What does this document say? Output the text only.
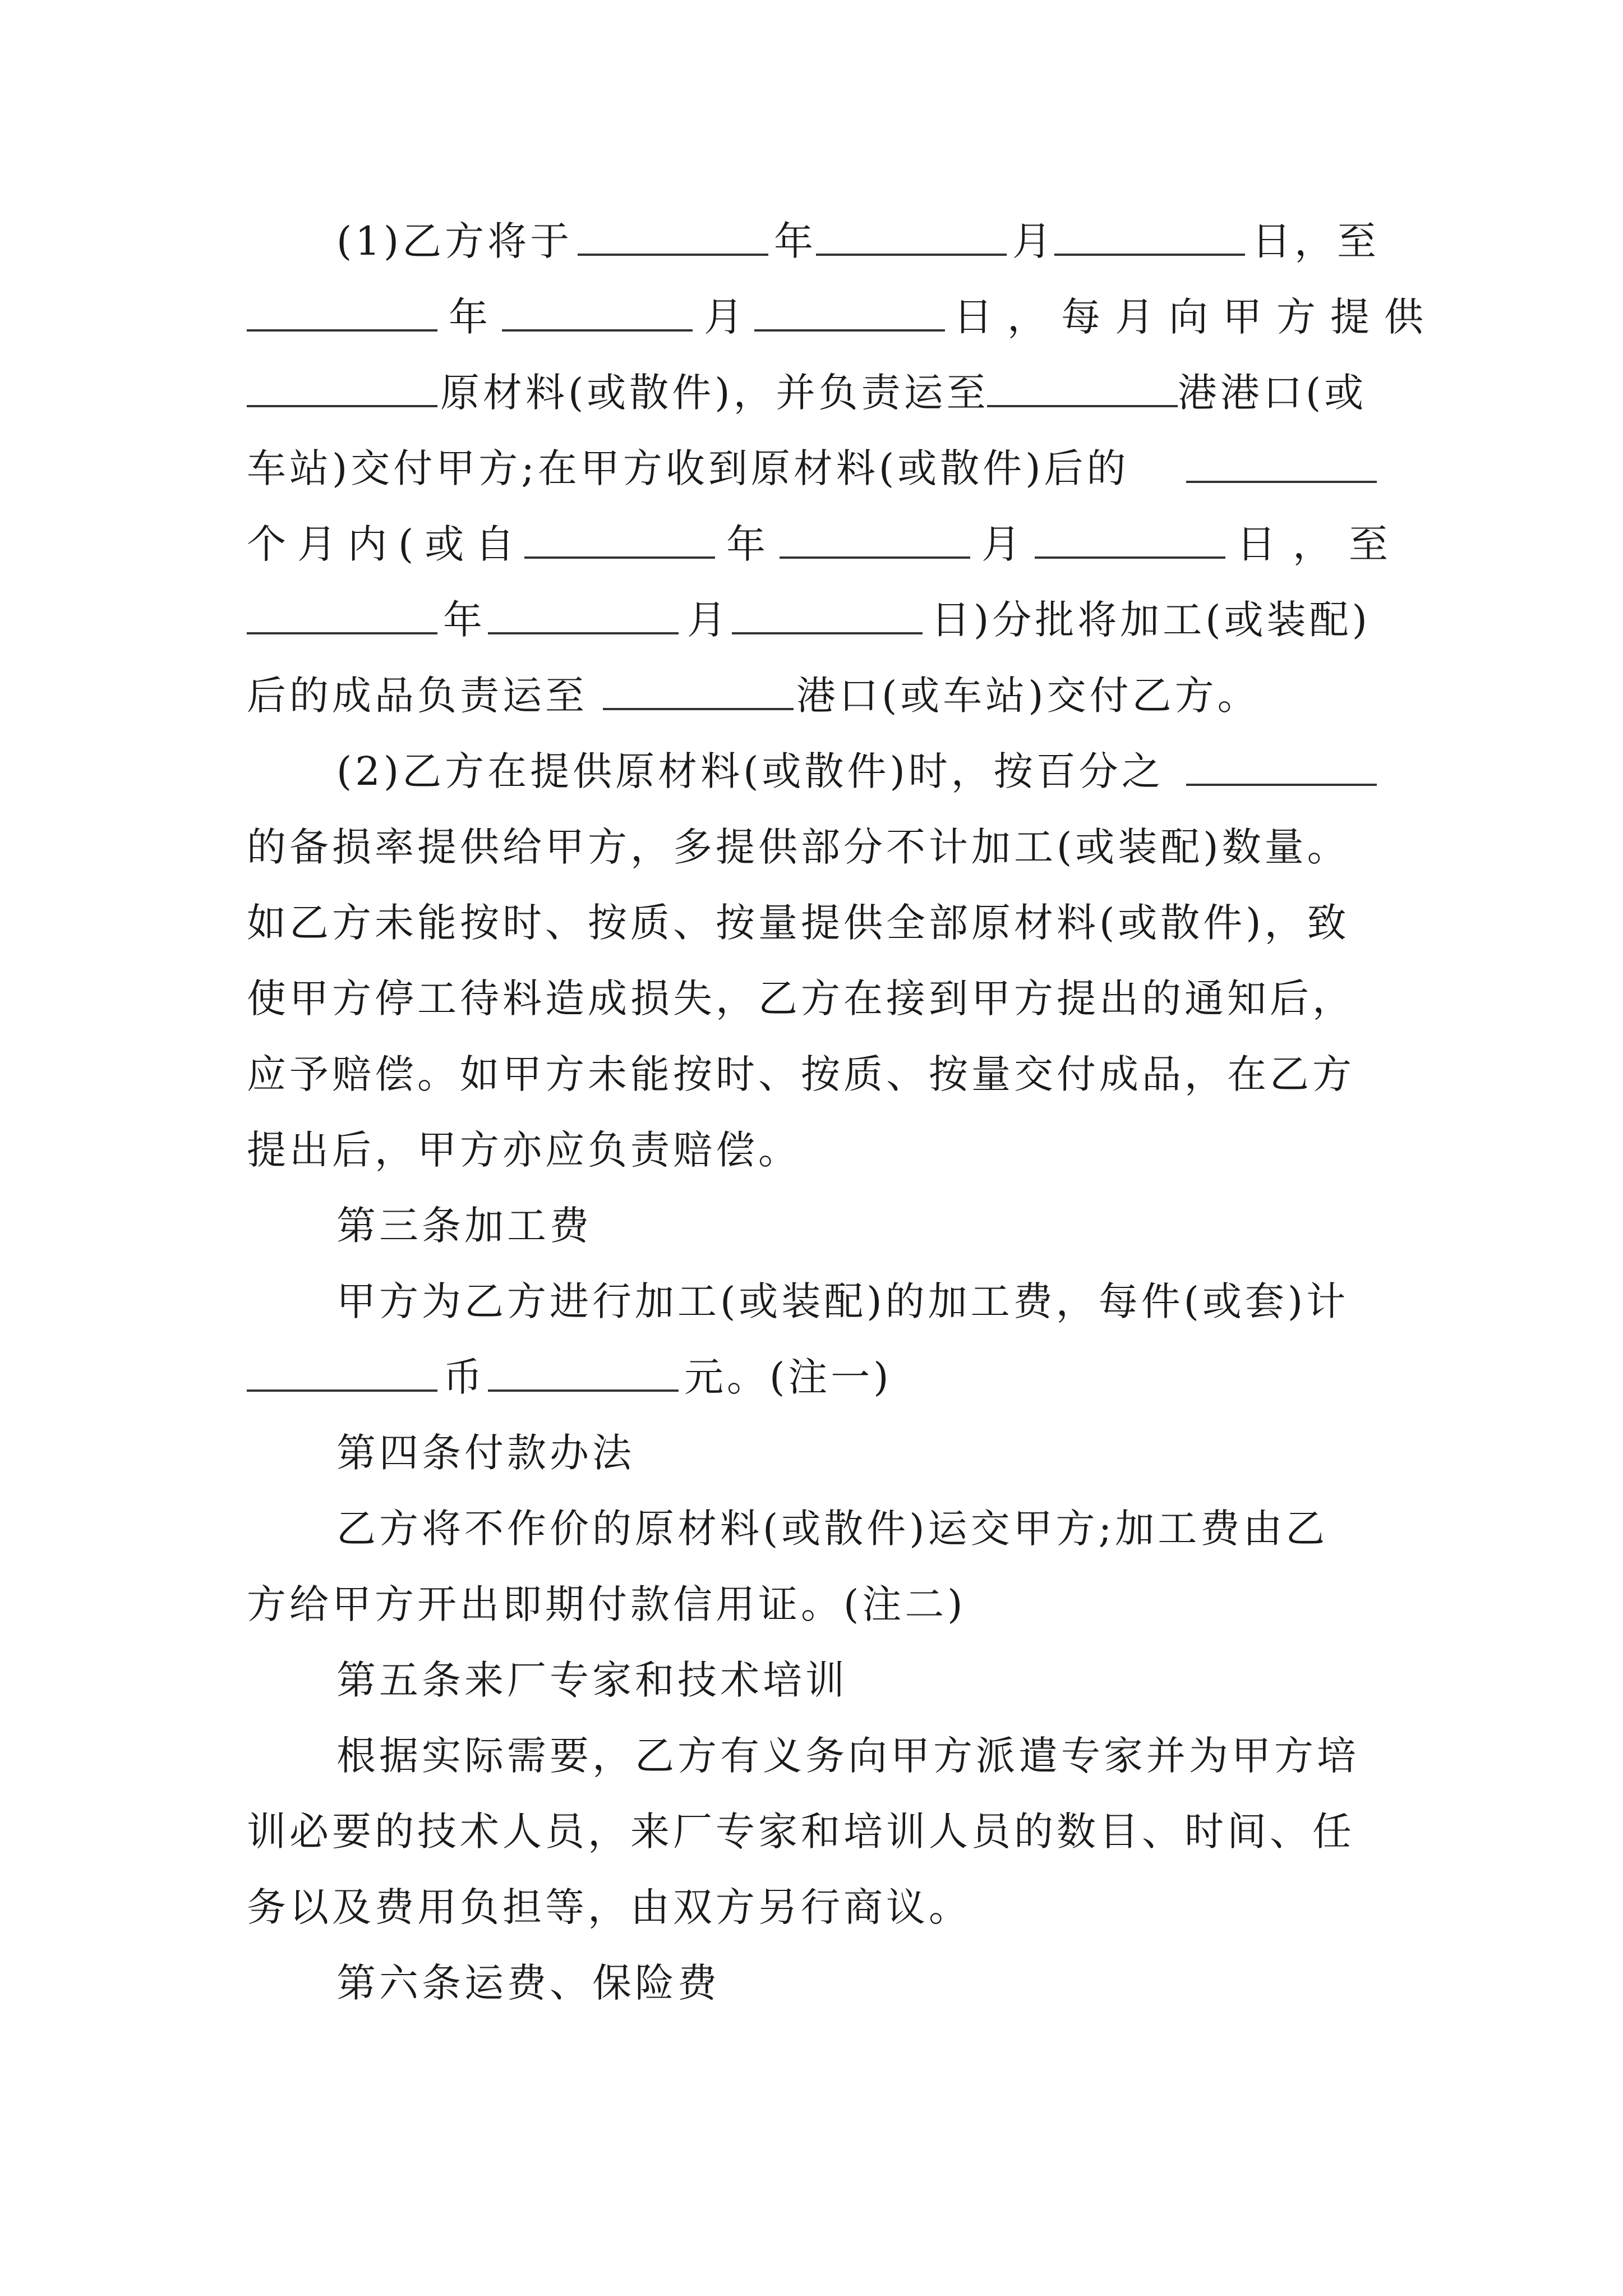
(1)乙方将于	年	月	日，至
年	月	日，每月向甲方提供
原材料(或散件)，并负责运至	港港口(或
车站)交付甲方;在甲方收到原材料(或散件)后的
个月内(或自	年	月	日，至
年	月	日)分批将加工(或装配)
后的成品负责运至	港口(或车站)交付乙方。
(2)乙方在提供原材料(或散件)时，按百分之
的备损率提供给甲方，多提供部分不计加工(或装配)数量。
如乙方未能按时、按质、按量提供全部原材料(或散件)，致
使甲方停工待料造成损失，乙方在接到甲方提出的通知后，
应予赔偿。如甲方未能按时、按质、按量交付成品，在乙方
提出后，甲方亦应负责赔偿。
第三条加工费
甲方为乙方进行加工(或装配)的加工费，每件(或套)计
币	元。(注一)
第四条付款办法
乙方将不作价的原材料(或散件)运交甲方;加工费由乙
方给甲方开出即期付款信用证。(注二)
第五条来厂专家和技术培训
根据实际需要，乙方有义务向甲方派遣专家并为甲方培
训必要的技术人员，来厂专家和培训人员的数目、时间、任
务以及费用负担等，由双方另行商议。
第六条运费、保险费
